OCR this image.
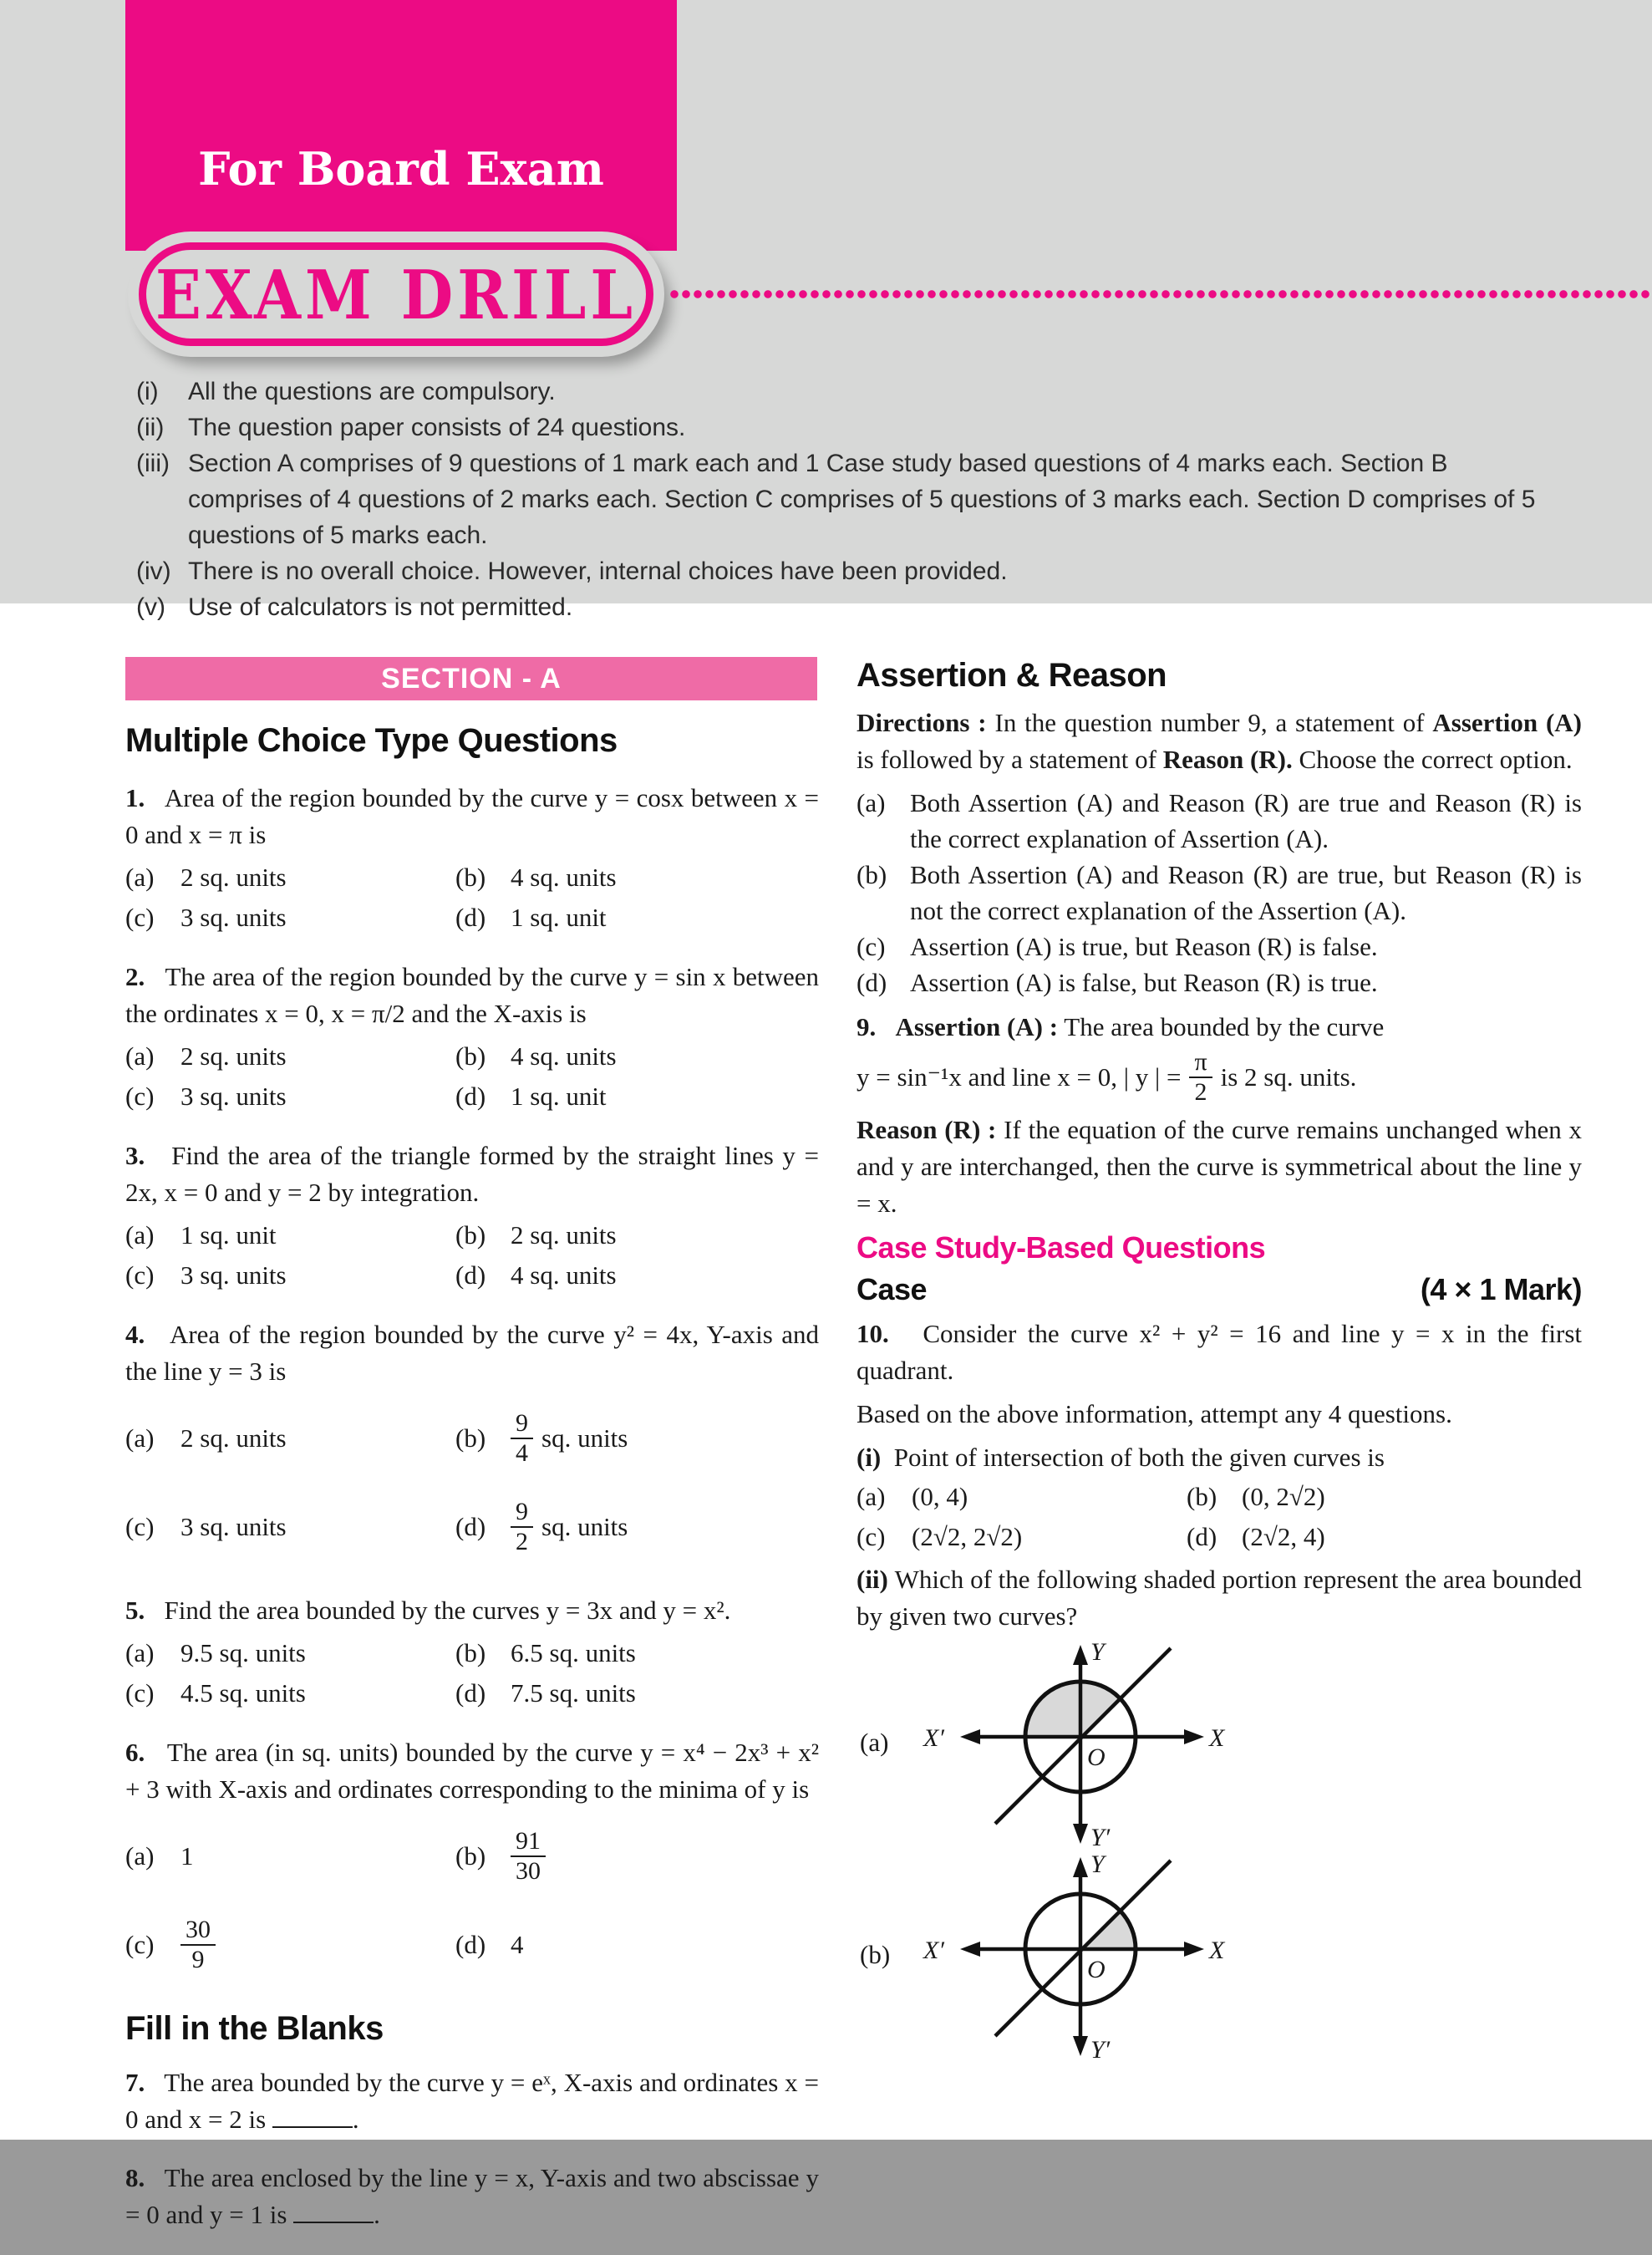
For Board Exam
EXAM DRILL
(i)	All the questions are compulsory.
(ii) The question paper consists of 24 questions.
(iii) Section A comprises of 9 questions of 1 mark each and 1 Case study based questions of 4 marks each. Section B comprises of 4 questions of 2 marks each. Section C comprises of 5 questions of 3 marks each. Section D comprises of 5 questions of 5 marks each.
(iv) There is no overall choice. However, internal choices have been provided.
(v) Use of calculators is not permitted.
SECTION - A
Multiple Choice Type Questions

1. Area of the region bounded by the curve y = cosx between x = 0 and x = π is

(a)	2 sq. units	(b) 4 sq. units
(c)	3 sq. units	(d) 1 sq. unit

2. The area of the region bounded by the curve y = sin x between the ordinates x = 0, x = π/2 and the X-axis is

(a)	2 sq. units	(b) 4 sq. units
(c)	3 sq. units	(d) 1 sq. unit

3. Find the area of the triangle formed by the straight lines y = 2x, x = 0 and y = 2 by integration.

(a)	1 sq. unit	(b) 2 sq. units
(c)	3 sq. units	(d) 4 sq. units

4. Area of the region bounded by the curve y² = 4x, Y-axis and the line y = 3 is

(a)	2 sq. units	$(b) \frac{9}{4}$ sq. units
(c)	3 sq. units	$(d) \frac{9}{2}$ sq. units

5. Find the area bounded by the curves y = 3x and y = x².

(a)	9.5 sq. units	(b) 6.5 sq. units
(c)	4.5 sq. units	(d) 7.5 sq. units

6. The area (in sq. units) bounded by the curve y = x⁴ − 2x³ + x² + 3 with X-axis and ordinates corresponding to the minima of y is

(a)	1	$(b) \frac{91}{30}$
(c)	$\frac{30}{9}$	(d) 4
Fill in the Blanks

7. The area bounded by the curve y = eˣ, X-axis and ordinates x = 0 and x = 2 is	.

8. The area enclosed by the line y = x, Y-axis and two abscissae y = 0 and y = 1 is	.

Assertion & Reason

Directions : In the question number 9, a statement of Assertion (A) is followed by a statement of Reason (R). Choose the correct option.

(a) Both Assertion (A) and Reason (R) are true and Reason (R) is the correct explanation of Assertion (A).
(b) Both Assertion (A) and Reason (R) are true, but Reason (R) is not the correct explanation of the Assertion (A).
(c) Assertion (A) is true, but Reason (R) is false.
(d) Assertion (A) is false, but Reason (R) is true.

9. Assertion (A) : The area bounded by the curve

y = sin⁻¹x and line x = 0, | y | = $\frac{\pi}{2}$ is 2 sq. units.

Reason (R) : If the equation of the curve remains unchanged when x and y are interchanged, then the curve is symmetrical about the line y = x.

Case Study-Based Questions
Case	(4 × 1 Mark)

10. Consider the curve x² + y² = 16 and line y = x in the first quadrant.

Based on the above information, attempt any 4 questions.

(i) Point of intersection of both the given curves is

(a)	(0, 4)	(b) (0, 2√2)
(c)	(2√2, 2√2)	(d) (2√2, 4)

(ii) Which of the following shaded portion represent the area bounded by given two curves?

(a)
Y
X
X′
O
Y′
(b)
Y
X
X′
O
Y′
